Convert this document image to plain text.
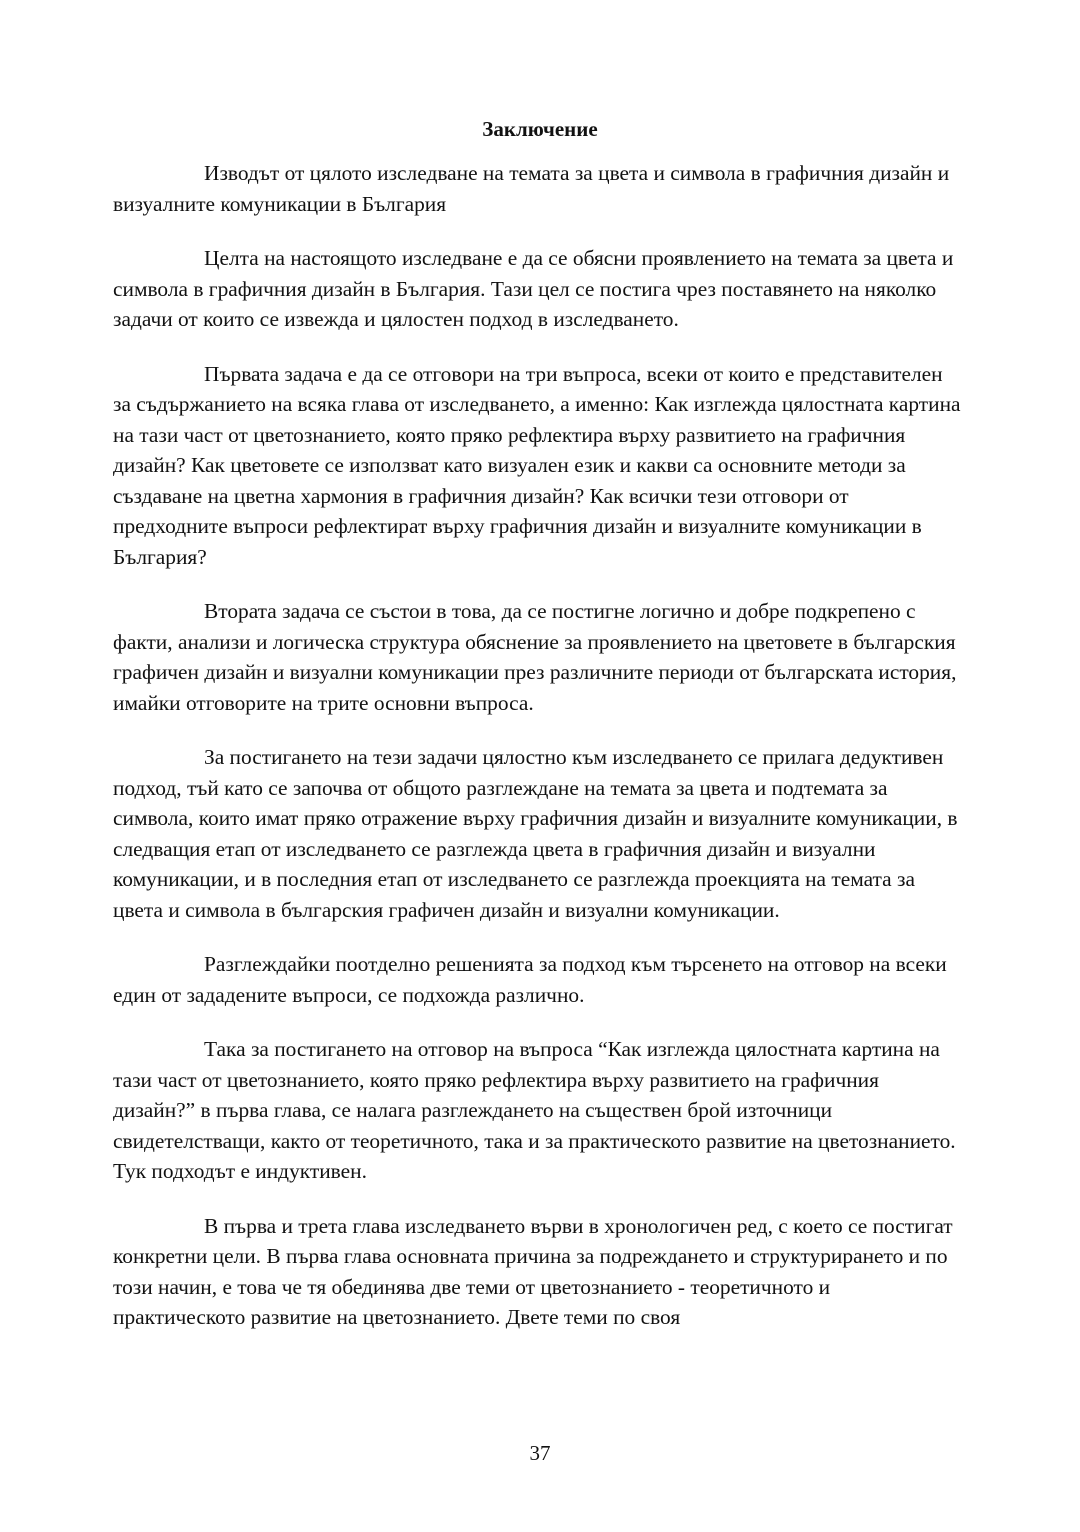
Заключение

Изводът от цялото изследване на темата за цвета и символа в графичния дизайн и визуалните комуникации в България

Целта на настоящото изследване е да се обясни проявлението на темата за цвета и символа в графичния дизайн в България. Тази цел се постига чрез поставянето на няколко задачи от които се извежда и цялостен подход в изследването.

Първата задача е да се отговори на три въпроса, всеки от които е представителен за съдържанието на всяка глава от изследването, а именно: Как изглежда цялостната картина на тази част от цветознанието, която пряко рефлектира върху развитието на графичния дизайн? Как цветовете се използват като визуален език и какви са основните методи за създаване на цветна хармония в графичния дизайн? Как всички тези отговори от предходните въпроси рефлектират върху графичния дизайн и визуалните комуникации в България?

Втората задача се състои в това, да се постигне логично и добре подкрепено с факти, анализи и логическа структура обяснение за проявлението на цветовете в българския графичен дизайн и визуални комуникации през различните периоди от българската история, имайки отговорите на трите основни въпроса.

За постигането на тези задачи цялостно към изследването се прилага дедуктивен подход, тъй като се започва от общото разглеждане на темата за цвета и подтемата за символа, които имат пряко отражение върху графичния дизайн и визуалните комуникации, в следващия етап от изследването се разглежда цвета в графичния дизайн и визуални комуникации, и в последния етап от изследването се разглежда проекцията на темата за цвета и символа в българския графичен дизайн и визуални комуникации.

Разглеждайки поотделно решенията за подход към търсенето на отговор на всеки един от зададените въпроси, се подхожда различно.

Така за постигането на отговор на въпроса “Как изглежда цялостната картина на тази част от цветознанието, която пряко рефлектира върху развитието на графичния дизайн?” в първа глава, се налага разглеждането на съществен брой източници свидетелстващи, както от теоретичното, така и за практическото развитие на цветознанието. Тук подходът е индуктивен.

В първа и трета глава изследването върви в хронологичен ред, с което се постигат конкретни цели. В първа глава основната причина за подреждането и структурирането и по този начин, е това че тя обединява две теми от цветознанието - теоретичното и практическото развитие на цветознанието. Двете теми по своя

37
